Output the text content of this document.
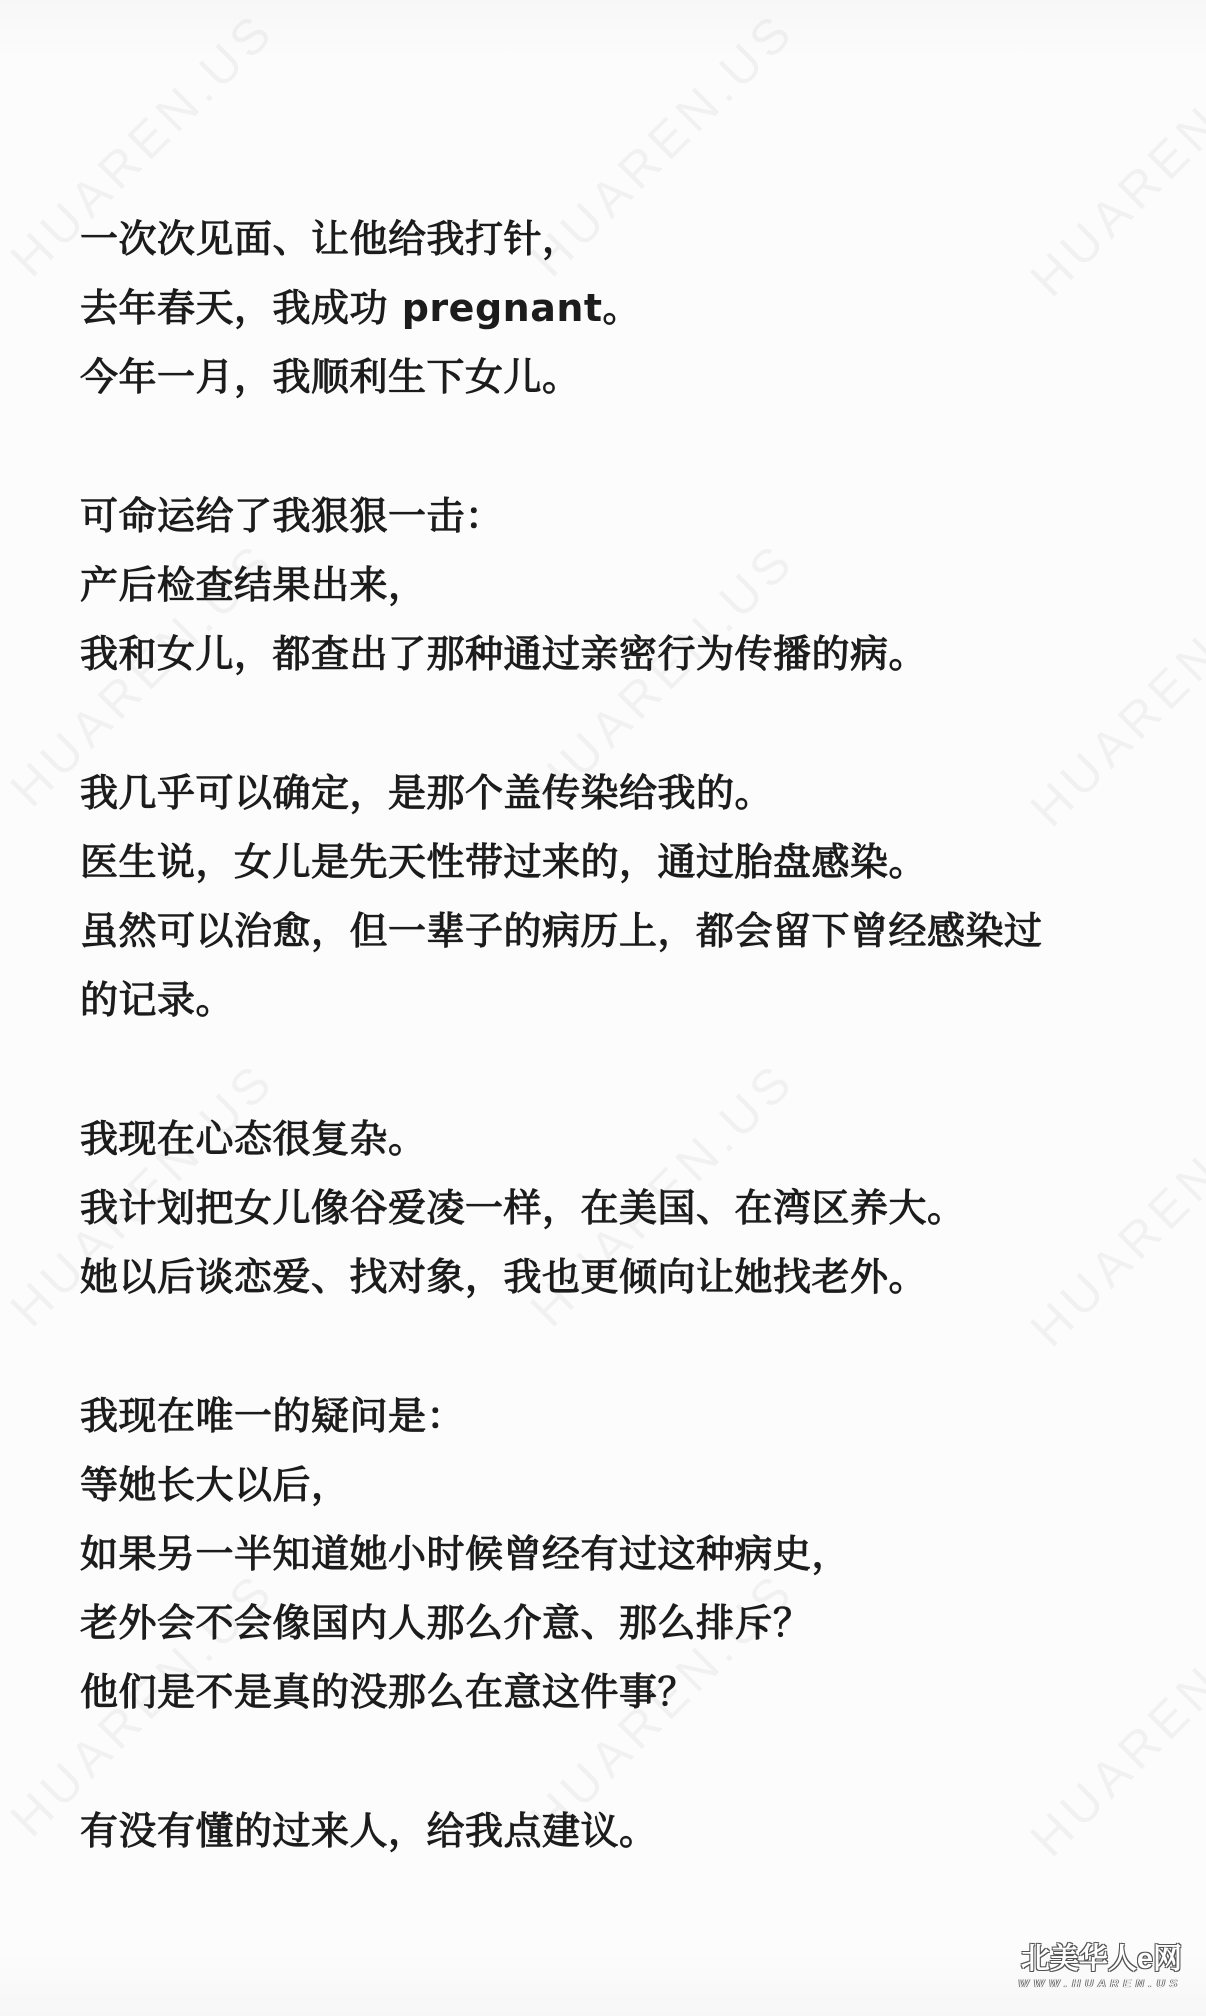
一次次见面、让他给我打针，
去年春天，我成功 pregnant。
今年一月，我顺利生下女儿。
可命运给了我狠狠一击：
产后检查结果出来，
我和女儿，都查出了那种通过亲密行为传播的病。
我几乎可以确定，是那个盖传染给我的。
医生说，女儿是先天性带过来的，通过胎盘感染。
虽然可以治愈，但一辈子的病历上，都会留下曾经感染过
的记录。
我现在心态很复杂。
我计划把女儿像谷爱凌一样，在美国、在湾区养大。
她以后谈恋爱、找对象，我也更倾向让她找老外。
我现在唯一的疑问是：
等她长大以后，
如果另一半知道她小时候曾经有过这种病史，
老外会不会像国内人那么介意、那么排斥？
他们是不是真的没那么在意这件事？
有没有懂的过来人，给我点建议。
北美华人e网
WWW.HUAREN.US
